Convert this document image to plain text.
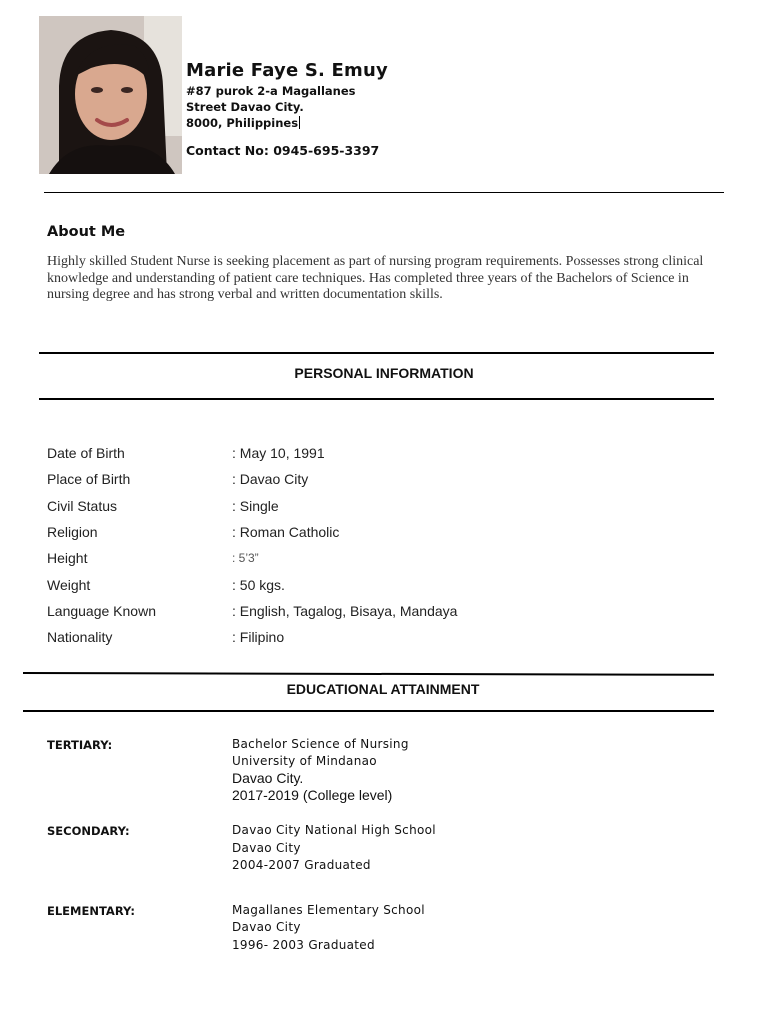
Marie Faye S. Emuy
#87 purok 2-a Magallanes
Street Davao City.
8000, Philippines
Contact No: 0945-695-3397
About Me
Highly skilled Student Nurse is seeking placement as part of nursing program requirements. Possesses strong clinical knowledge and understanding of patient care techniques. Has completed three years of the Bachelors of Science in nursing degree and has strong verbal and written documentation skills.
PERSONAL INFORMATION
Date of Birth	: May 10, 1991
Place of Birth	: Davao City
Civil Status	: Single
Religion	: Roman Catholic
Height	: 5’3”
Weight	: 50 kgs.
Language Known	: English, Tagalog, Bisaya, Mandaya
Nationality	: Filipino
EDUCATIONAL ATTAINMENT
TERTIARY:	Bachelor Science of Nursing
University of Mindanao
Davao City.
2017-2019 (College level)
SECONDARY:	Davao City National High School
Davao City
2004-2007 Graduated
ELEMENTARY:	Magallanes Elementary School
Davao City
1996- 2003 Graduated
